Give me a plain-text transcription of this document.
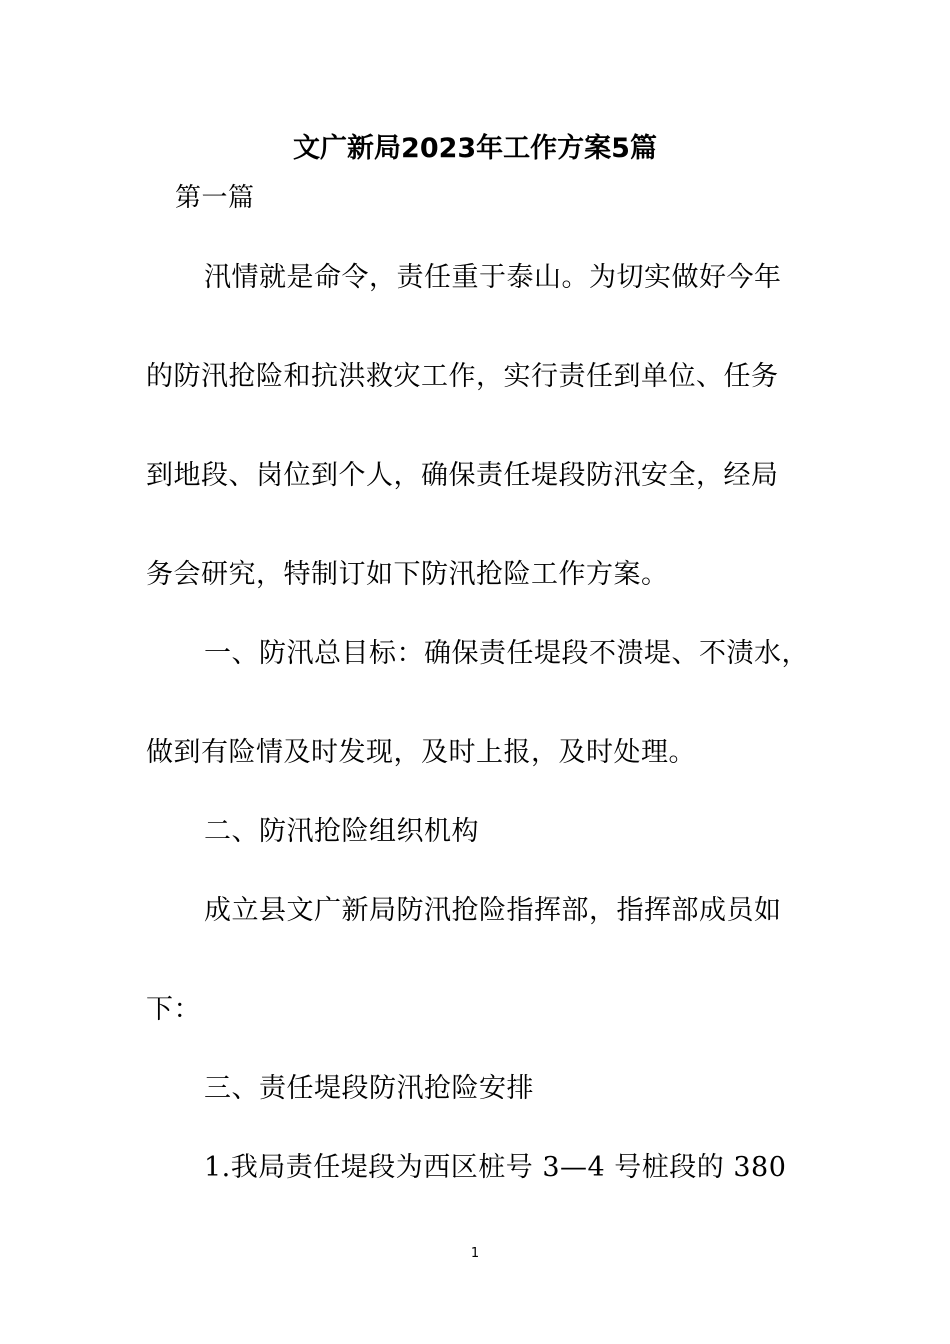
文广新局2023年工作方案5篇
第一篇
汛情就是命令，责任重于泰山。为切实做好今年
的防汛抢险和抗洪救灾工作，实行责任到单位、任务
到地段、岗位到个人，确保责任堤段防汛安全，经局
务会研究，特制订如下防汛抢险工作方案。
一、防汛总目标：确保责任堤段不溃堤、不渍水，
做到有险情及时发现，及时上报，及时处理。
二、防汛抢险组织机构
成立县文广新局防汛抢险指挥部，指挥部成员如
下：
三、责任堤段防汛抢险安排
1.我局责任堤段为西区桩号 3—4 号桩段的 380
1
